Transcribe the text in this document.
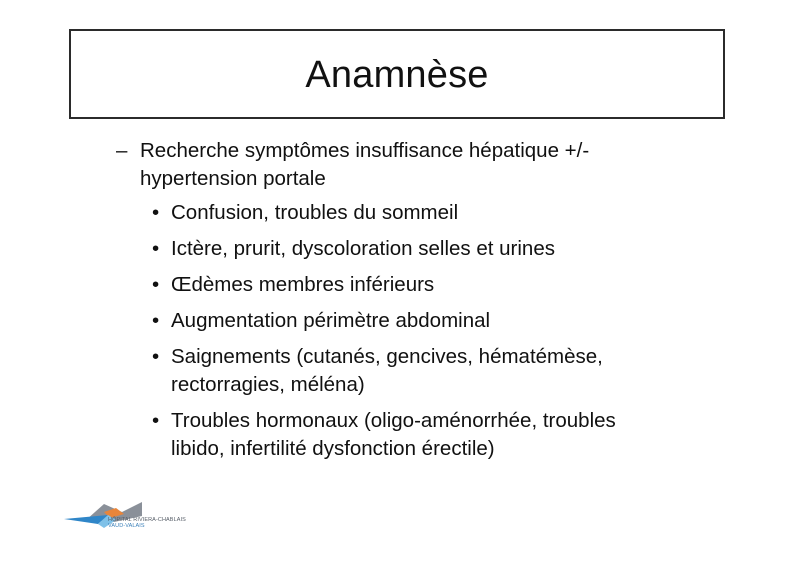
Anamnèse
– Recherche symptômes insuffisance hépatique +/-
hypertension portale
• Confusion, troubles du sommeil
• Ictère, prurit, dyscoloration selles et urines
• Œdèmes membres inférieurs
• Augmentation périmètre abdominal
• Saignements (cutanés, gencives, hématémèse,
rectorragies, méléna)
• Troubles hormonaux (oligo-aménorrhée, troubles
libido, infertilité dysfonction érectile)
HÔPITAL RIVIERA-CHABLAIS
VAUD-VALAIS
